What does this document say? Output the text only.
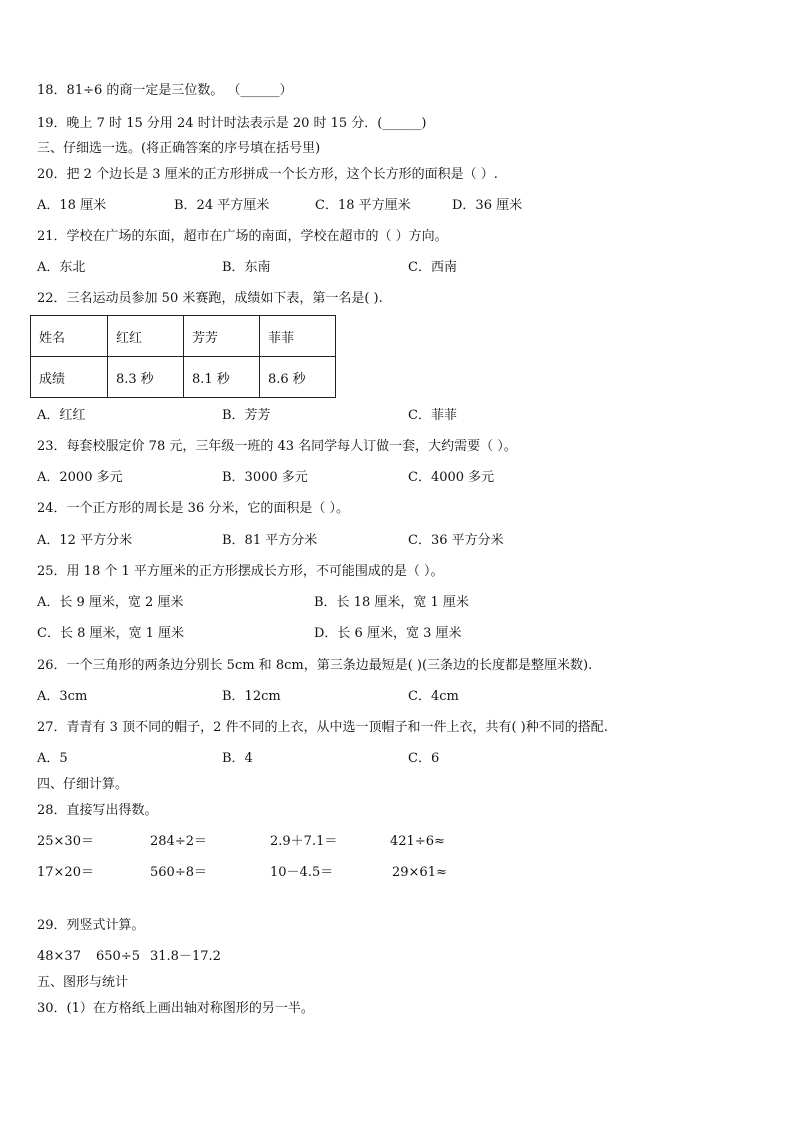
18．81÷6 的商一定是三位数。 （______）
19．晚上 7 时 15 分用 24 时计时法表示是 20 时 15 分．(______)
三、仔细选一选。(将正确答案的序号填在括号里)
20．把 2 个边长是 3 厘米的正方形拼成一个长方形，这个长方形的面积是（ ）.
A．18 厘米	B．24 平方厘米	C．18 平方厘米	D．36 厘米
21．学校在广场的东面，超市在广场的南面，学校在超市的（ ）方向。
A．东北	B．东南	C．西南
22．三名运动员参加 50 米赛跑，成绩如下表，第一名是( ).
姓名	红红	芳芳	菲菲
成绩	8.3 秒	8.1 秒	8.6 秒
A．红红	B．芳芳	C．菲菲
23．每套校服定价 78 元，三年级一班的 43 名同学每人订做一套，大约需要（ ）。
A．2000 多元	B．3000 多元	C．4000 多元
24．一个正方形的周长是 36 分米，它的面积是（ ）。
A．12 平方分米	B．81 平方分米	C．36 平方分米
25．用 18 个 1 平方厘米的正方形摆成长方形，不可能围成的是（ ）。
A．长 9 厘米，宽 2 厘米	B．长 18 厘米，宽 1 厘米
C．长 8 厘米，宽 1 厘米	D．长 6 厘米，宽 3 厘米
26．一个三角形的两条边分别长 5cm 和 8cm，第三条边最短是( )(三条边的长度都是整厘米数).
A．3cm	B．12cm	C．4cm
27．青青有 3 顶不同的帽子，2 件不同的上衣，从中选一顶帽子和一件上衣，共有( )种不同的搭配.
A．5	B．4	C．6
四、仔细计算。
28．直接写出得数。
25×30＝	284÷2＝	2.9＋7.1＝	421÷6≈
17×20＝	560÷8＝	10－4.5＝	29×61≈
29．列竖式计算。
48×37 650÷5 31.8－17.2
五、图形与统计
30．(1）在方格纸上画出轴对称图形的另一半。
